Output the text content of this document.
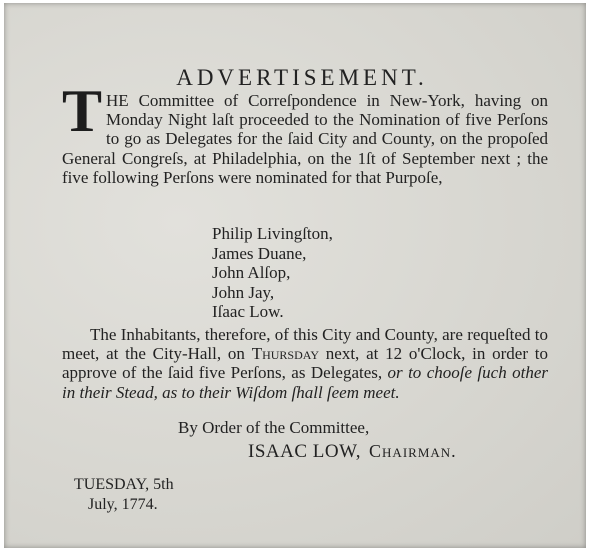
ADVERTISEMENT.

THE Committee of Correſpondence in New-York, having on Monday Night laſt proceeded to the Nomination of five Perſons to go as Delegates for the ſaid City and County, on the propoſed General Congreſs, at Philadelphia, on the 1ſt of September next ; the five following Perſons were nominated for that Purpoſe,

Philip Livingſton,
James Duane,
John Alſop,
John Jay,
Iſaac Low.

The Inhabitants, therefore, of this City and County, are requeſted to meet, at the City-Hall, on Thursday next, at 12 o'Clock, in order to approve of the ſaid five Perſons, as Delegates, or to chooſe ſuch other in their Stead, as to their Wiſdom ſhall ſeem meet.

By Order of the Committee,
ISAAC LOW, Chairman.
TUESDAY, 5th
July, 1774.
